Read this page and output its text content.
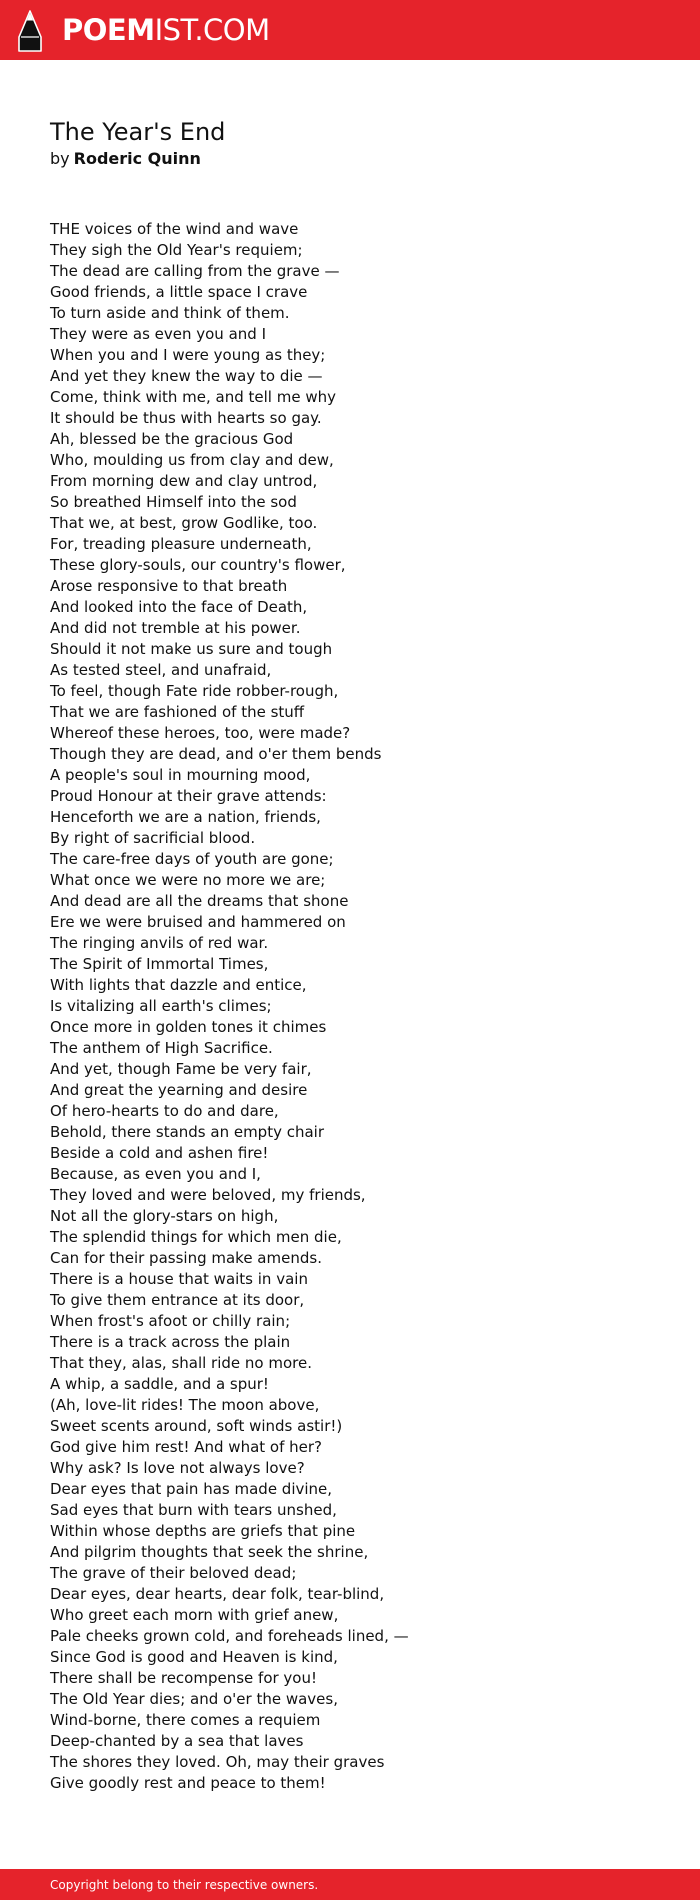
POEMIST.COM
The Year's End
by Roderic Quinn
THE voices of the wind and wave
They sigh the Old Year's requiem;
The dead are calling from the grave —
Good friends, a little space I crave
To turn aside and think of them.
They were as even you and I
When you and I were young as they;
And yet they knew the way to die —
Come, think with me, and tell me why
It should be thus with hearts so gay.
Ah, blessed be the gracious God
Who, moulding us from clay and dew,
From morning dew and clay untrod,
So breathed Himself into the sod
That we, at best, grow Godlike, too.
For, treading pleasure underneath,
These glory-souls, our country's flower,
Arose responsive to that breath
And looked into the face of Death,
And did not tremble at his power.
Should it not make us sure and tough
As tested steel, and unafraid,
To feel, though Fate ride robber-rough,
That we are fashioned of the stuff
Whereof these heroes, too, were made?
Though they are dead, and o'er them bends
A people's soul in mourning mood,
Proud Honour at their grave attends:
Henceforth we are a nation, friends,
By right of sacrificial blood.
The care-free days of youth are gone;
What once we were no more we are;
And dead are all the dreams that shone
Ere we were bruised and hammered on
The ringing anvils of red war.
The Spirit of Immortal Times,
With lights that dazzle and entice,
Is vitalizing all earth's climes;
Once more in golden tones it chimes
The anthem of High Sacrifice.
And yet, though Fame be very fair,
And great the yearning and desire
Of hero-hearts to do and dare,
Behold, there stands an empty chair
Beside a cold and ashen fire!
Because, as even you and I,
They loved and were beloved, my friends,
Not all the glory-stars on high,
The splendid things for which men die,
Can for their passing make amends.
There is a house that waits in vain
To give them entrance at its door,
When frost's afoot or chilly rain;
There is a track across the plain
That they, alas, shall ride no more.
A whip, a saddle, and a spur!
(Ah, love-lit rides! The moon above,
Sweet scents around, soft winds astir!)
God give him rest! And what of her?
Why ask? Is love not always love?
Dear eyes that pain has made divine,
Sad eyes that burn with tears unshed,
Within whose depths are griefs that pine
And pilgrim thoughts that seek the shrine,
The grave of their beloved dead;
Dear eyes, dear hearts, dear folk, tear-blind,
Who greet each morn with grief anew,
Pale cheeks grown cold, and foreheads lined, —
Since God is good and Heaven is kind,
There shall be recompense for you!
The Old Year dies; and o'er the waves,
Wind-borne, there comes a requiem
Deep-chanted by a sea that laves
The shores they loved. Oh, may their graves
Give goodly rest and peace to them!
Copyright belong to their respective owners.
